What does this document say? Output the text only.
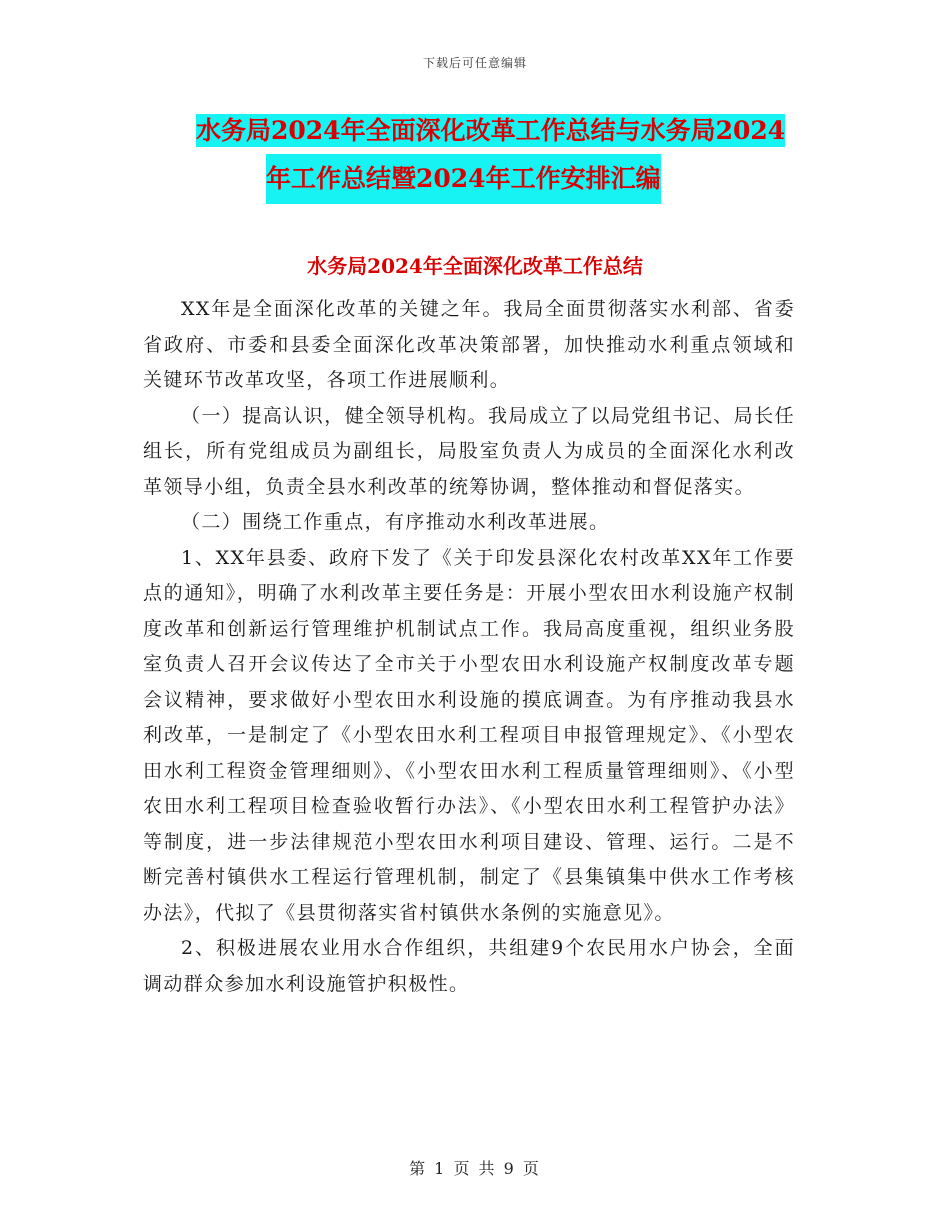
下载后可任意编辑
水务局2024年全面深化改革工作总结与水务局2024
年工作总结暨2024年工作安排汇编
水务局2024年全面深化改革工作总结

XX年是全面深化改革的关键之年。我局全面贯彻落实水利部、省委省政府、市委和县委全面深化改革决策部署，加快推动水利重点领域和关键环节改革攻坚，各项工作进展顺利。

（一）提高认识，健全领导机构。我局成立了以局党组书记、局长任组长，所有党组成员为副组长，局股室负责人为成员的全面深化水利改革领导小组，负责全县水利改革的统筹协调，整体推动和督促落实。

（二）围绕工作重点，有序推动水利改革进展。

1、XX年县委、政府下发了《关于印发县深化农村改革XX年工作要点的通知》，明确了水利改革主要任务是：开展小型农田水利设施产权制度改革和创新运行管理维护机制试点工作。我局高度重视，组织业务股室负责人召开会议传达了全市关于小型农田水利设施产权制度改革专题会议精神，要求做好小型农田水利设施的摸底调查。为有序推动我县水利改革，一是制定了《小型农田水利工程项目申报管理规定》、《小型农田水利工程资金管理细则》、《小型农田水利工程质量管理细则》、《小型农田水利工程项目检查验收暂行办法》、《小型农田水利工程管护办法》等制度，进一步法律规范小型农田水利项目建设、管理、运行。二是不断完善村镇供水工程运行管理机制，制定了《县集镇集中供水工作考核办法》，代拟了《县贯彻落实省村镇供水条例的实施意见》。

2、积极进展农业用水合作组织，共组建9个农民用水户协会，全面调动群众参加水利设施管护积极性。

第 1 页 共 9 页
